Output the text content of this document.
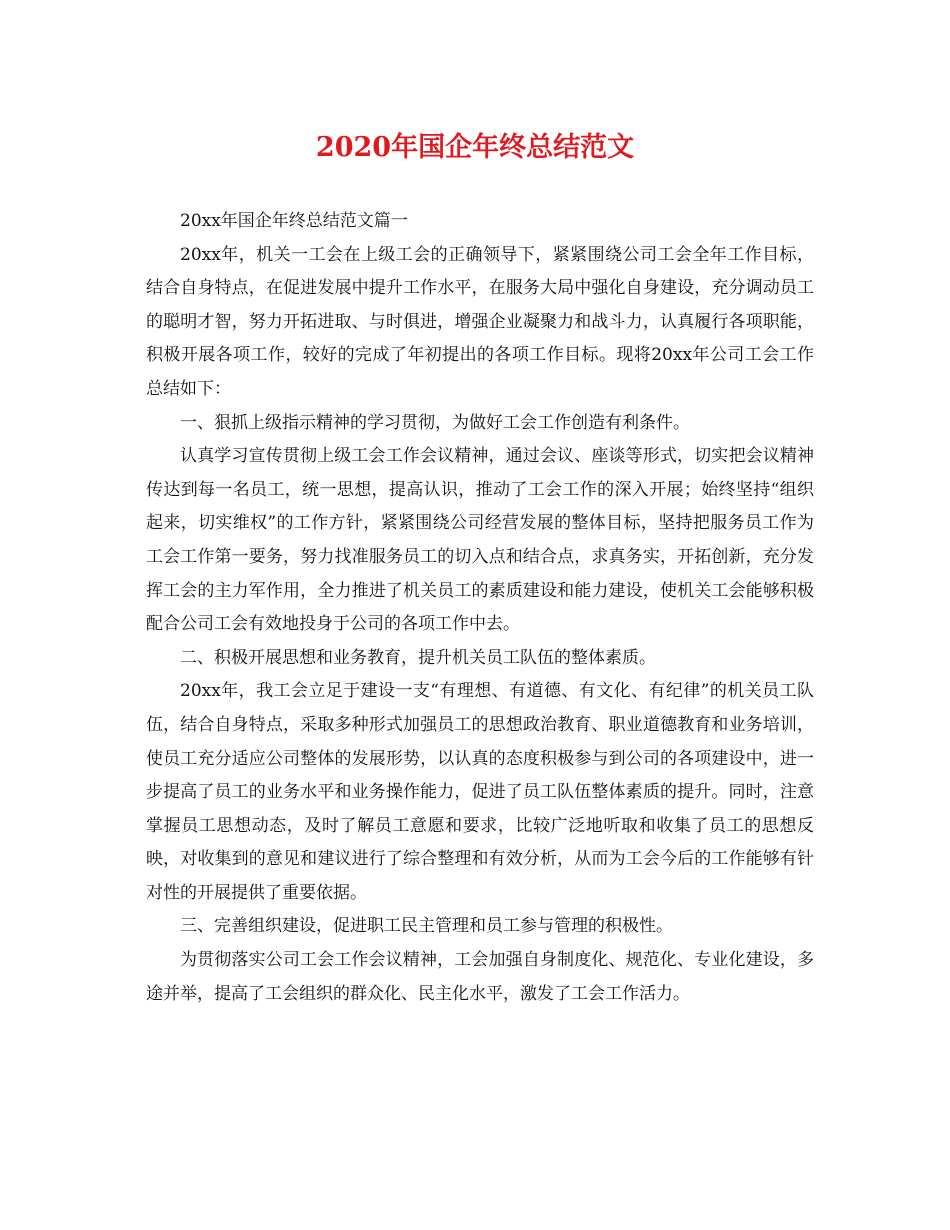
2020年国企年终总结范文

20xx年国企年终总结范文篇一

20xx年，机关一工会在上级工会的正确领导下，紧紧围绕公司工会全年工作目标，结合自身特点，在促进发展中提升工作水平，在服务大局中强化自身建设，充分调动员工的聪明才智，努力开拓进取、与时俱进，增强企业凝聚力和战斗力，认真履行各项职能，积极开展各项工作，较好的完成了年初提出的各项工作目标。现将20xx年公司工会工作总结如下：

一、狠抓上级指示精神的学习贯彻，为做好工会工作创造有利条件。

认真学习宣传贯彻上级工会工作会议精神，通过会议、座谈等形式，切实把会议精神传达到每一名员工，统一思想，提高认识，推动了工会工作的深入开展；始终坚持“组织起来，切实维权”的工作方针，紧紧围绕公司经营发展的整体目标，坚持把服务员工作为工会工作第一要务，努力找准服务员工的切入点和结合点，求真务实，开拓创新，充分发挥工会的主力军作用，全力推进了机关员工的素质建设和能力建设，使机关工会能够积极配合公司工会有效地投身于公司的各项工作中去。

二、积极开展思想和业务教育，提升机关员工队伍的整体素质。

20xx年，我工会立足于建设一支“有理想、有道德、有文化、有纪律”的机关员工队伍，结合自身特点，采取多种形式加强员工的思想政治教育、职业道德教育和业务培训，使员工充分适应公司整体的发展形势，以认真的态度积极参与到公司的各项建设中，进一步提高了员工的业务水平和业务操作能力，促进了员工队伍整体素质的提升。同时，注意掌握员工思想动态，及时了解员工意愿和要求，比较广泛地听取和收集了员工的思想反映，对收集到的意见和建议进行了综合整理和有效分析，从而为工会今后的工作能够有针对性的开展提供了重要依据。

三、完善组织建设，促进职工民主管理和员工参与管理的积极性。

为贯彻落实公司工会工作会议精神，工会加强自身制度化、规范化、专业化建设，多途并举，提高了工会组织的群众化、民主化水平，激发了工会工作活力。
